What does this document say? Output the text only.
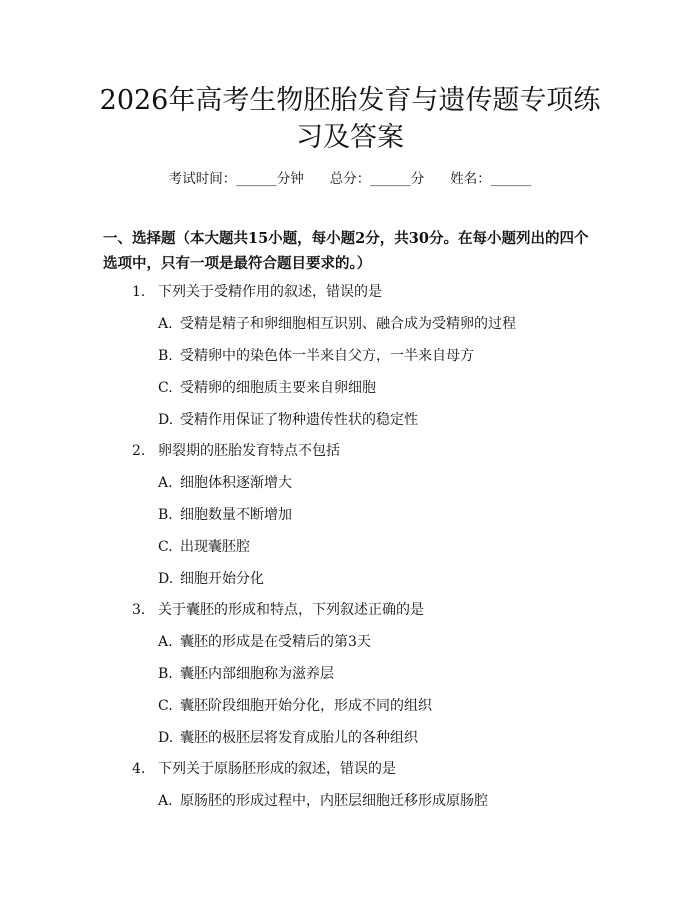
2026年高考生物胚胎发育与遗传题专项练习及答案
考试时间：______分钟 总分：______分 姓名：______

一、选择题（本大题共15小题，每小题2分，共30分。在每小题列出的四个选项中，只有一项是最符合题目要求的。）

1. 下列关于受精作用的叙述，错误的是
A. 受精是精子和卵细胞相互识别、融合成为受精卵的过程
B. 受精卵中的染色体一半来自父方，一半来自母方
C. 受精卵的细胞质主要来自卵细胞
D. 受精作用保证了物种遗传性状的稳定性
2. 卵裂期的胚胎发育特点不包括
A. 细胞体积逐渐增大
B. 细胞数量不断增加
C. 出现囊胚腔
D. 细胞开始分化
3. 关于囊胚的形成和特点，下列叙述正确的是
A. 囊胚的形成是在受精后的第3天
B. 囊胚内部细胞称为滋养层
C. 囊胚阶段细胞开始分化，形成不同的组织
D. 囊胚的极胚层将发育成胎儿的各种组织
4. 下列关于原肠胚形成的叙述，错误的是
A. 原肠胚的形成过程中，内胚层细胞迁移形成原肠腔
